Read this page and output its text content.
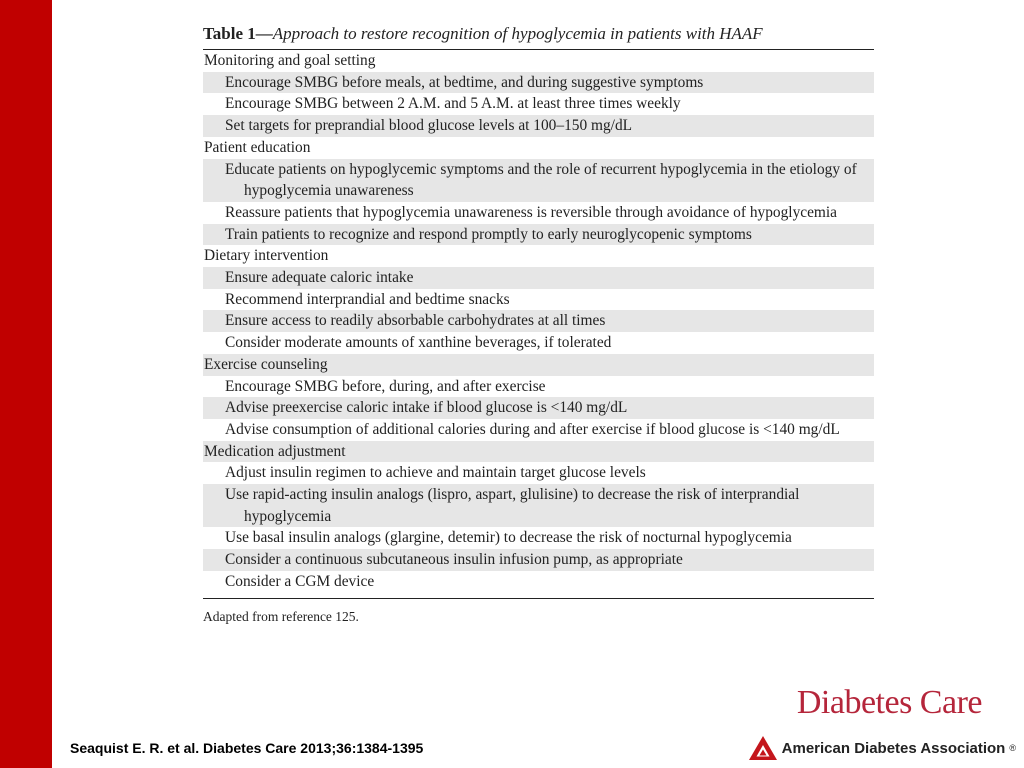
Table 1—Approach to restore recognition of hypoglycemia in patients with HAAF
Monitoring and goal setting
Encourage SMBG before meals, at bedtime, and during suggestive symptoms
Encourage SMBG between 2 A.M. and 5 A.M. at least three times weekly
Set targets for preprandial blood glucose levels at 100–150 mg/dL
Patient education
Educate patients on hypoglycemic symptoms and the role of recurrent hypoglycemia in the etiology of hypoglycemia unawareness
Reassure patients that hypoglycemia unawareness is reversible through avoidance of hypoglycemia
Train patients to recognize and respond promptly to early neuroglycopenic symptoms
Dietary intervention
Ensure adequate caloric intake
Recommend interprandial and bedtime snacks
Ensure access to readily absorbable carbohydrates at all times
Consider moderate amounts of xanthine beverages, if tolerated
Exercise counseling
Encourage SMBG before, during, and after exercise
Advise preexercise caloric intake if blood glucose is <140 mg/dL
Advise consumption of additional calories during and after exercise if blood glucose is <140 mg/dL
Medication adjustment
Adjust insulin regimen to achieve and maintain target glucose levels
Use rapid-acting insulin analogs (lispro, aspart, glulisine) to decrease the risk of interprandial hypoglycemia
Use basal insulin analogs (glargine, detemir) to decrease the risk of nocturnal hypoglycemia
Consider a continuous subcutaneous insulin infusion pump, as appropriate
Consider a CGM device
Adapted from reference 125.
Seaquist E. R. et al. Diabetes Care 2013;36:1384-1395
Diabetes Care
American Diabetes Association ®
